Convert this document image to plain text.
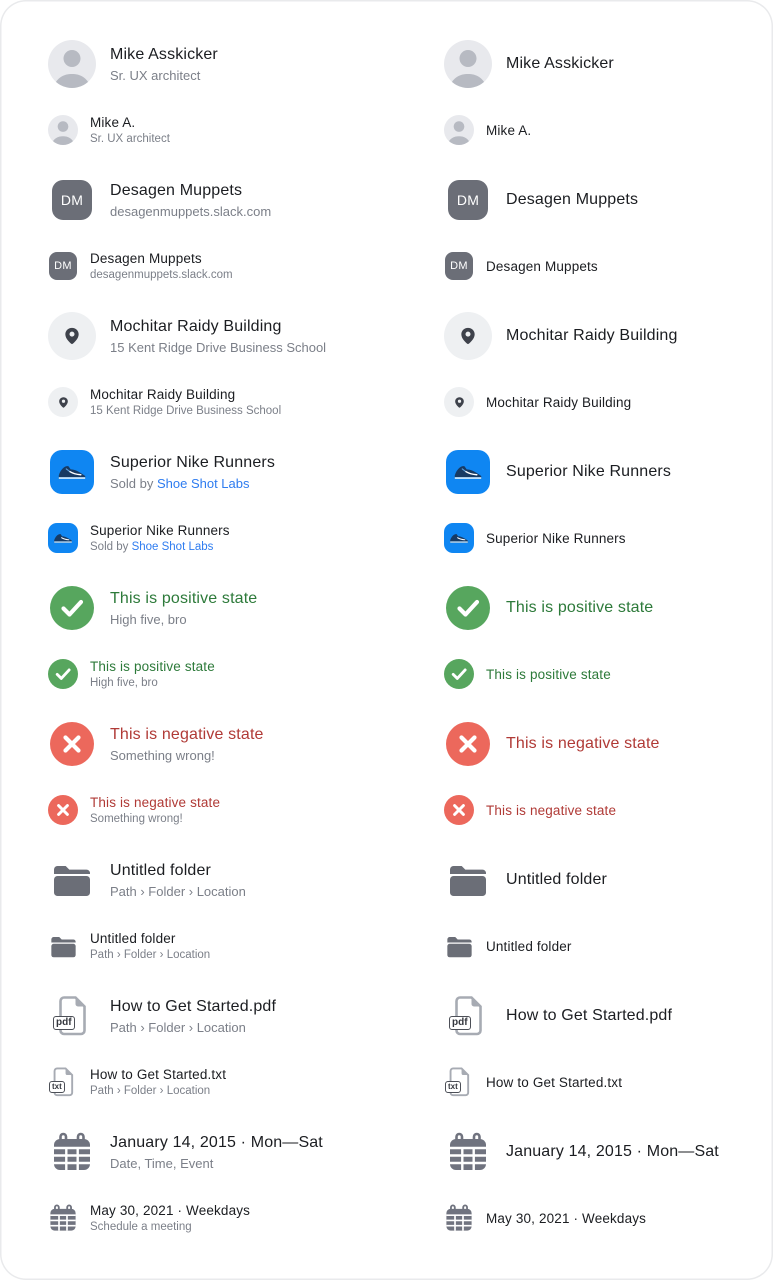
Mike Asskicker
Sr. UX architect
Mike A.
Sr. UX architect
DM
Desagen Muppets
desagenmuppets.slack.com
DM	Desagen Muppets
desagenmuppets.slack.com
Mochitar Raidy Building
15 Kent Ridge Drive Business School
Mochitar Raidy Building
15 Kent Ridge Drive Business School
Superior Nike Runners
Sold by Shoe Shot Labs
Superior Nike Runners
Sold by Shoe Shot Labs
This is positive state
High five, bro
This is positive state
High five, bro
This is negative state
Something wrong!
This is negative state
Something wrong!
Untitled folder
Path › Folder › Location
Untitled folder
Path › Folder › Location
pdf
How to Get Started.pdf
Path › Folder › Location
txt
How to Get Started.txt
Path › Folder › Location
January 14, 2015 · Mon—Sat
Date, Time, Event
May 30, 2021 · Weekdays
Schedule a meeting
Mike Asskicker
Mike A.
DM	Desagen Muppets
DM	Desagen Muppets
Mochitar Raidy Building
Mochitar Raidy Building
Superior Nike Runners
Superior Nike Runners
This is positive state
This is positive state
This is negative state
This is negative state
Untitled folder
Untitled folder
pdf How to Get Started.pdf
txt How to Get Started.txt
January 14, 2015 · Mon—Sat
May 30, 2021 · Weekdays
